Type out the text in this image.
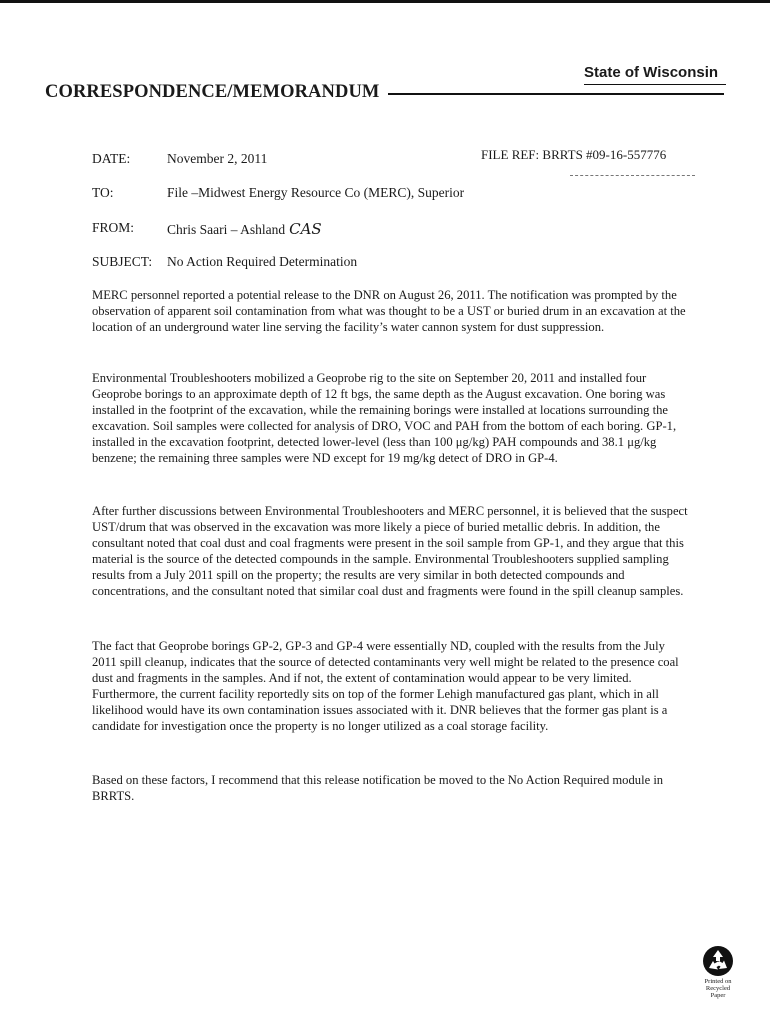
State of Wisconsin
CORRESPONDENCE/MEMORANDUM
DATE:	November 2, 2011	FILE REF: BRRTS #09-16-557776
TO:	File –Midwest Energy Resource Co (MERC), Superior
FROM: Chris Saari – Ashland CAS
SUBJECT: No Action Required Determination

MERC personnel reported a potential release to the DNR on August 26, 2011. The notification was prompted by the observation of apparent soil contamination from what was thought to be a UST or buried drum in an excavation at the location of an underground water line serving the facility’s water cannon system for dust suppression.

Environmental Troubleshooters mobilized a Geoprobe rig to the site on September 20, 2011 and installed four Geoprobe borings to an approximate depth of 12 ft bgs, the same depth as the August excavation. One boring was installed in the footprint of the excavation, while the remaining borings were installed at locations surrounding the excavation. Soil samples were collected for analysis of DRO, VOC and PAH from the bottom of each boring. GP-1, installed in the excavation footprint, detected lower-level (less than 100 μg/kg) PAH compounds and 38.1 μg/kg benzene; the remaining three samples were ND except for 19 mg/kg detect of DRO in GP-4.

After further discussions between Environmental Troubleshooters and MERC personnel, it is believed that the suspect UST/drum that was observed in the excavation was more likely a piece of buried metallic debris. In addition, the consultant noted that coal dust and coal fragments were present in the soil sample from GP-1, and they argue that this material is the source of the detected compounds in the sample. Environmental Troubleshooters supplied sampling results from a July 2011 spill on the property; the results are very similar in both detected compounds and concentrations, and the consultant noted that similar coal dust and fragments were found in the spill cleanup samples.

The fact that Geoprobe borings GP-2, GP-3 and GP-4 were essentially ND, coupled with the results from the July 2011 spill cleanup, indicates that the source of detected contaminants very well might be related to the presence coal dust and fragments in the samples. And if not, the extent of contamination would appear to be very limited. Furthermore, the current facility reportedly sits on top of the former Lehigh manufactured gas plant, which in all likelihood would have its own contamination issues associated with it. DNR believes that the former gas plant is a candidate for investigation once the property is no longer utilized as a coal storage facility.

Based on these factors, I recommend that this release notification be moved to the No Action Required module in BRRTS.

Printed on
Recycled
Paper
